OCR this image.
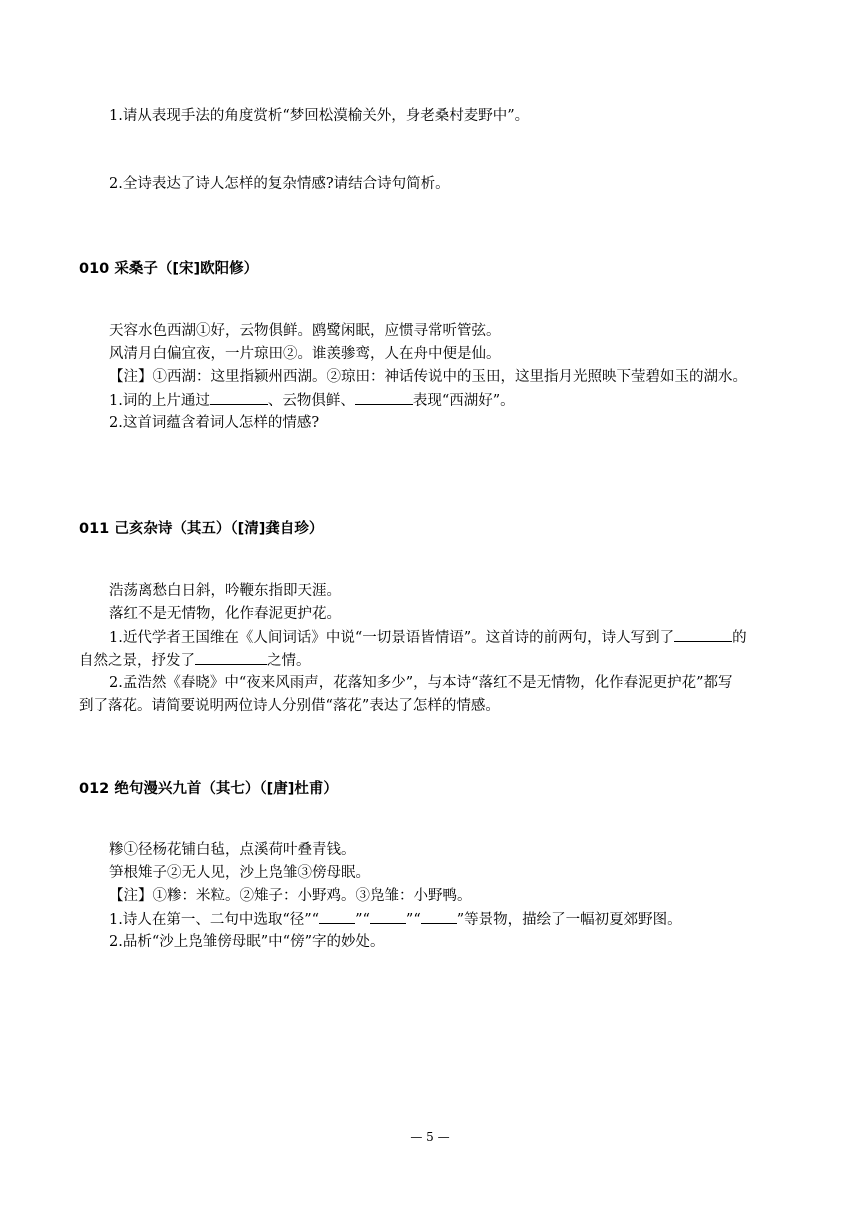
1.请从表现手法的角度赏析“梦回松漠榆关外，身老桑村麦野中”。
2.全诗表达了诗人怎样的复杂情感?请结合诗句简析。
010 采桑子（[宋]欧阳修）
天容水色西湖①好，云物俱鲜。鸥鹭闲眠，应惯寻常听管弦。
风清月白偏宜夜，一片琼田②。谁羡骖鸾，人在舟中便是仙。
【注】①西湖：这里指颍州西湖。②琼田：神话传说中的玉田，这里指月光照映下莹碧如玉的湖水。
1.词的上片通过	、云物俱鲜、	表现“西湖好”。
2.这首词蕴含着词人怎样的情感?
011 己亥杂诗（其五）（[清]龚自珍）
浩荡离愁白日斜，吟鞭东指即天涯。
落红不是无情物，化作春泥更护花。
1.近代学者王国维在《人间词话》中说“一切景语皆情语”。这首诗的前两句，诗人写到了	的
自然之景，抒发了	之情。
2.孟浩然《春晓》中“夜来风雨声，花落知多少”，与本诗“落红不是无情物，化作春泥更护花”都写
到了落花。请简要说明两位诗人分别借“落花”表达了怎样的情感。
012 绝句漫兴九首（其七）（[唐]杜甫）
糁①径杨花铺白毡，点溪荷叶叠青钱。
笋根雉子②无人见，沙上凫雏③傍母眠。
【注】①糁：米粒。②雉子：小野鸡。③凫雏：小野鸭。
1.诗人在第一、二句中选取“径”“ ”“ ”“ ”等景物，描绘了一幅初夏郊野图。
2.品析“沙上凫雏傍母眠”中“傍”字的妙处。
— 5 —
